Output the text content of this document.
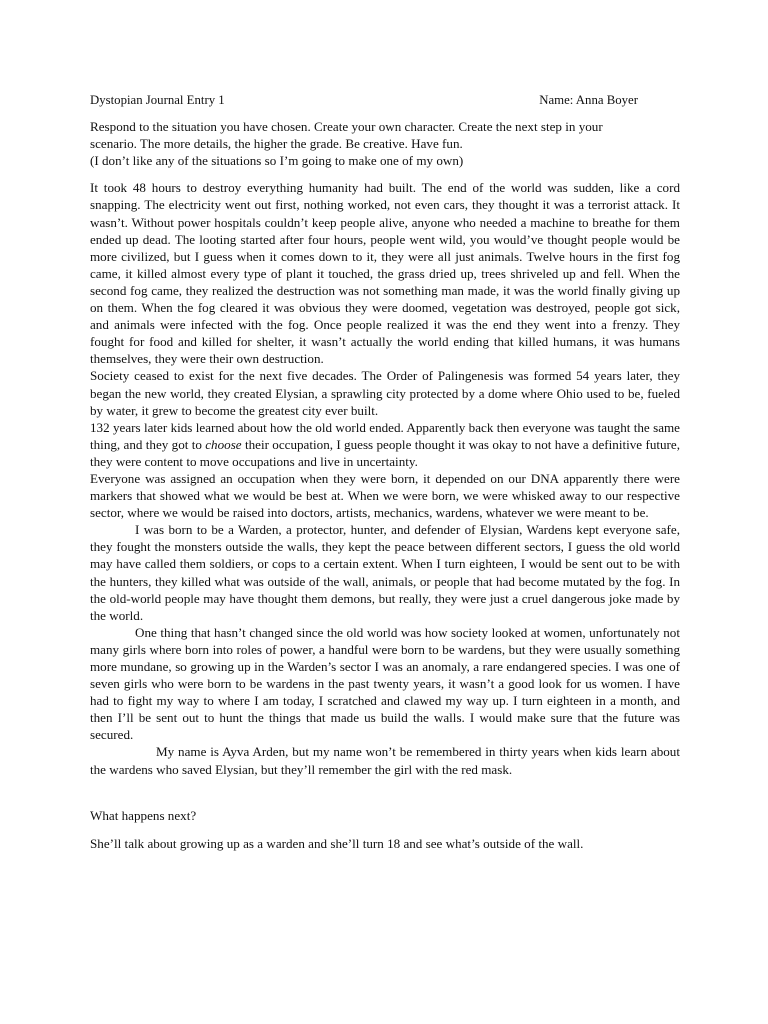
Dystopian Journal Entry 1	Name: Anna Boyer
Respond to the situation you have chosen. Create your own character. Create the next step in your
scenario. The more details, the higher the grade. Be creative. Have fun.
(I don’t like any of the situations so I’m going to make one of my own)

It took 48 hours to destroy everything humanity had built. The end of the world was sudden, like a cord snapping. The electricity went out first, nothing worked, not even cars, they thought it was a terrorist attack. It wasn’t. Without power hospitals couldn’t keep people alive, anyone who needed a machine to breathe for them ended up dead. The looting started after four hours, people went wild, you would’ve thought people would be more civilized, but I guess when it comes down to it, they were all just animals. Twelve hours in the first fog came, it killed almost every type of plant it touched, the grass dried up, trees shriveled up and fell. When the second fog came, they realized the destruction was not something man made, it was the world finally giving up on them. When the fog cleared it was obvious they were doomed, vegetation was destroyed, people got sick, and animals were infected with the fog. Once people realized it was the end they went into a frenzy. They fought for food and killed for shelter, it wasn’t actually the world ending that killed humans, it was humans themselves, they were their own destruction.

Society ceased to exist for the next five decades. The Order of Palingenesis was formed 54 years later, they began the new world, they created Elysian, a sprawling city protected by a dome where Ohio used to be, fueled by water, it grew to become the greatest city ever built.

132 years later kids learned about how the old world ended. Apparently back then everyone was taught the same thing, and they got to choose their occupation, I guess people thought it was okay to not have a definitive future, they were content to move occupations and live in uncertainty.

Everyone was assigned an occupation when they were born, it depended on our DNA apparently there were markers that showed what we would be best at. When we were born, we were whisked away to our respective sector, where we would be raised into doctors, artists, mechanics, wardens, whatever we were meant to be.

I was born to be a Warden, a protector, hunter, and defender of Elysian, Wardens kept everyone safe, they fought the monsters outside the walls, they kept the peace between different sectors, I guess the old world may have called them soldiers, or cops to a certain extent. When I turn eighteen, I would be sent out to be with the hunters, they killed what was outside of the wall, animals, or people that had become mutated by the fog. In the old-world people may have thought them demons, but really, they were just a cruel dangerous joke made by the world.

One thing that hasn’t changed since the old world was how society looked at women, unfortunately not many girls where born into roles of power, a handful were born to be wardens, but they were usually something more mundane, so growing up in the Warden’s sector I was an anomaly, a rare endangered species. I was one of seven girls who were born to be wardens in the past twenty years, it wasn’t a good look for us women. I have had to fight my way to where I am today, I scratched and clawed my way up. I turn eighteen in a month, and then I’ll be sent out to hunt the things that made us build the walls. I would make sure that the future was secured.

My name is Ayva Arden, but my name won’t be remembered in thirty years when kids learn about the wardens who saved Elysian, but they’ll remember the girl with the red mask.

What happens next?

She’ll talk about growing up as a warden and she’ll turn 18 and see what’s outside of the wall.
